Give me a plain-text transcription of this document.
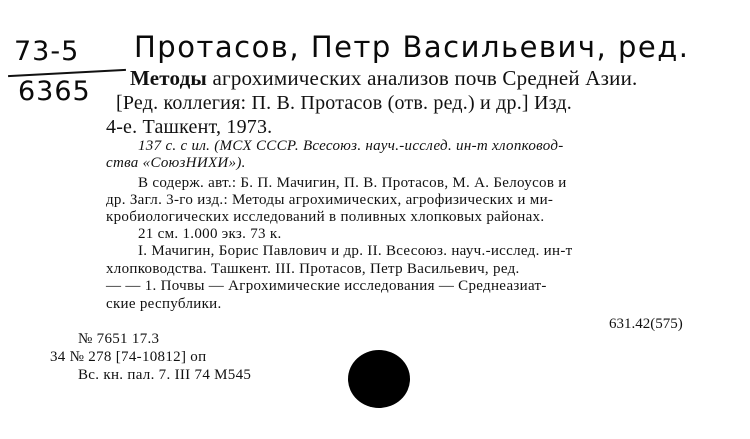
73-5
6365
Протасов, Петр Васильевич, ред.
Методы агрохимических анализов почв Средней Азии.
[Ред. коллегия: П. В. Протасов (отв. ред.) и др.] Изд.
4-е. Ташкент, 1973.
137 с. с ил. (МСХ СССР. Всесоюз. науч.-исслед. ин-т хлопковод-
ства «СоюзНИХИ»).
В содерж. авт.: Б. П. Мачигин, П. В. Протасов, М. А. Белоусов и
др. Загл. 3-го изд.: Методы агрохимических, агрофизических и ми-
кробиологических исследований в поливных хлопковых районах.
21 см. 1.000 экз. 73 к.
I. Мачигин, Борис Павлович и др. II. Всесоюз. науч.-исслед. ин-т
хлопководства. Ташкент. III. Протасов, Петр Васильевич, ред.
— — 1. Почвы — Агрохимические исследования — Среднеазиат-
ские республики.
631.42(575)
№ 7651 17.3
34 № 278 [74-10812] оп
Вс. кн. пал. 7. III 74 М545
